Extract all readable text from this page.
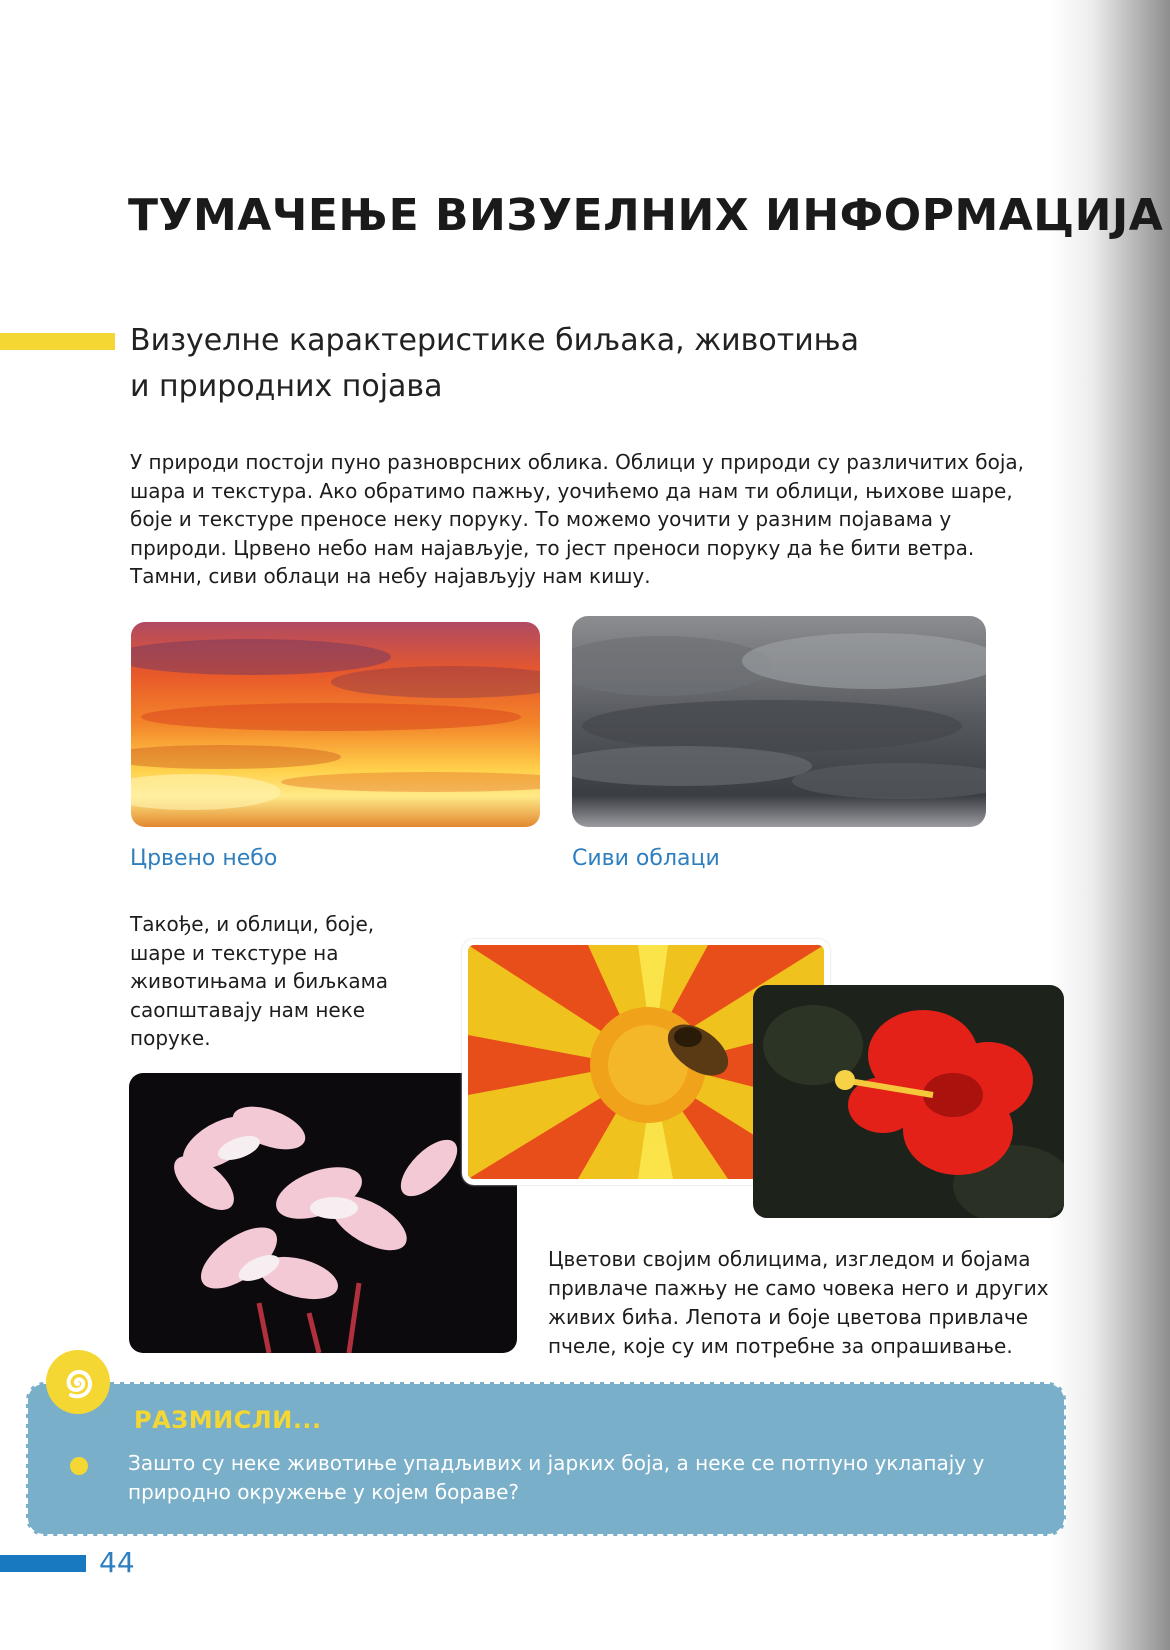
ТУМАЧЕЊЕ ВИЗУЕЛНИХ ИНФОРМАЦИЈА
Визуелне карактеристике биљака, животиња
и природних појава

У природи постоји пуно разноврсних облика. Облици у природи су различитих боја, шара и текстура. Ако обратимо пажњу, уочићемо да нам ти облици, њихове шаре, боје и текстуре преносе неку поруку. То можемо уочити у разним појавама у природи. Црвено небо нам најављује, то јест преноси поруку да ће бити ветра. Тамни, сиви облаци на небу најављују нам кишу.

Црвено небо	Сиви облаци

Такође, и облици, боје, шаре и текстуре на животињама и биљкама саопштавају нам неке поруке.

Цветови својим облицима, изгледом и бојама привлаче пажњу не само човека него и других живих бића. Лепота и боје цветова привлаче пчеле, које су им потребне за опрашивање.

РАЗМИСЛИ...

Зашто су неке животиње упадљивих и јарких боја, а неке се потпуно уклапају у природно окружење у којем бораве?

44
